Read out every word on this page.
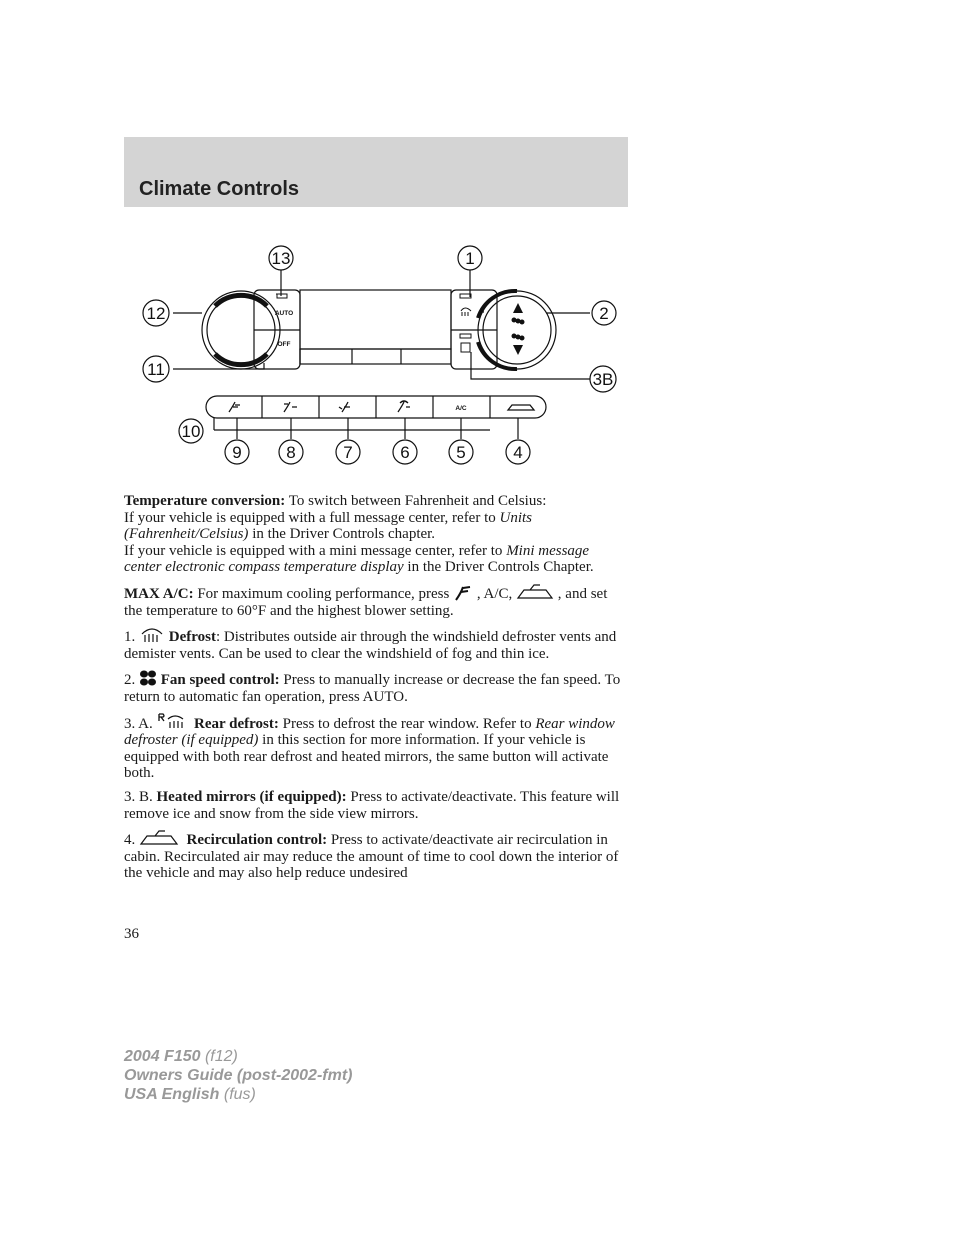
Climate Controls
AUTO
OFF
A/C
13	1
12	2
11
3B
10
9	8	7	6	5	4

Temperature conversion: To switch between Fahrenheit and Celsius:
If your vehicle is equipped with a full message center, refer to Units (Fahrenheit/Celsius) in the Driver Controls chapter.
If your vehicle is equipped with a mini message center, refer to Mini message center electronic compass temperature display in the Driver Controls Chapter.

MAX A/C: For maximum cooling performance, press  , A/C,	, and set the temperature to 60°F and the highest blower setting.

1.  Defrost: Distributes outside air through the windshield defroster vents and demister vents. Can be used to clear the windshield of fog and thin ice.

2.  Fan speed control: Press to manually increase or decrease the fan speed. To return to automatic fan operation, press AUTO.

3. A.	Rear defrost: Press to defrost the rear window. Refer to Rear window defroster (if equipped) in this section for more information. If your vehicle is equipped with both rear defrost and heated mirrors, the same button will activate both.

3. B. Heated mirrors (if equipped): Press to activate/deactivate. This feature will remove ice and snow from the side view mirrors.

4.	Recirculation control: Press to activate/deactivate air recirculation in cabin. Recirculated air may reduce the amount of time to cool down the interior of the vehicle and may also help reduce undesired

36
2004 F150 (f12)
Owners Guide (post-2002-fmt)
USA English (fus)
